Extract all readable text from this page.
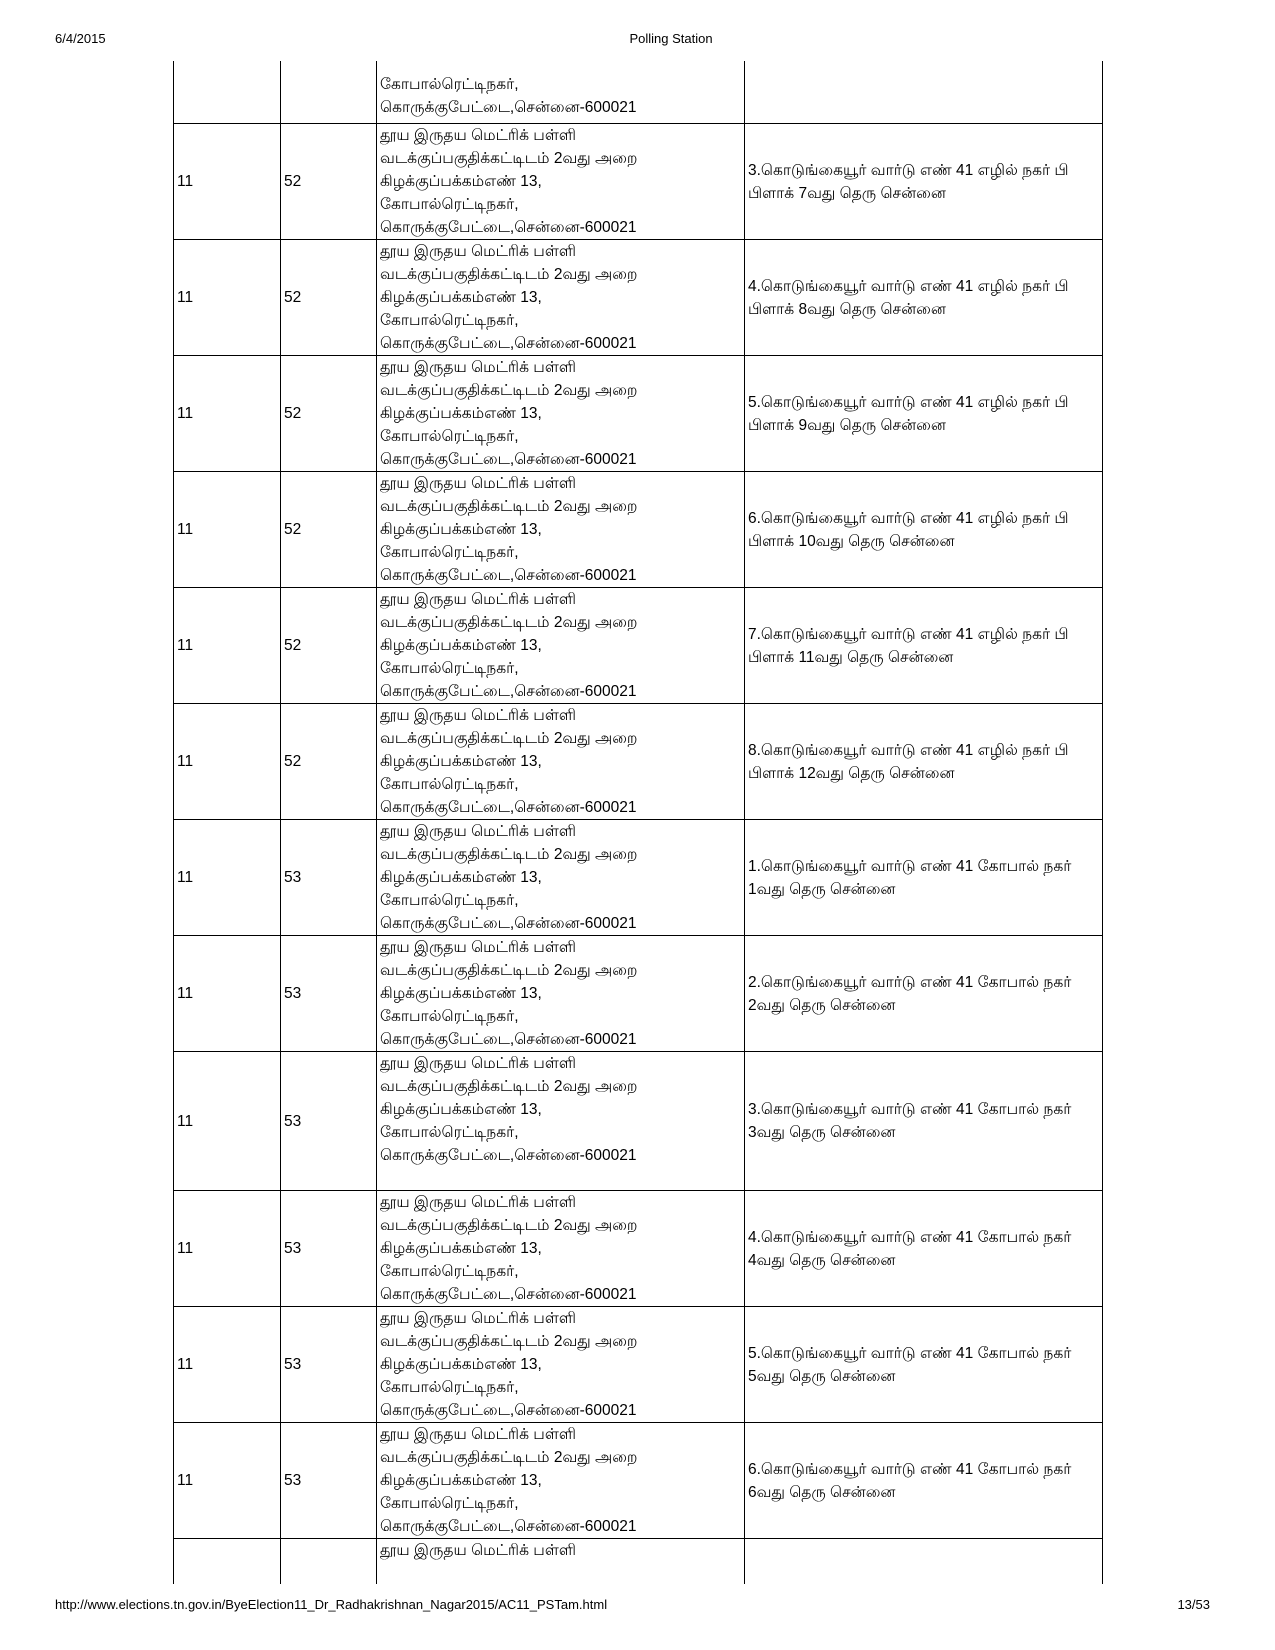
6/4/2015	Polling Station

		கோபால்ரெட்டிநகர்,
கொருக்குபேட்டை,சென்னை-600021	

11	52	தூய இருதய மெட்ரிக் பள்ளி
வடக்குப்பகுதிக்கட்டிடம் 2வது அறை
கிழக்குப்பக்கம்எண் 13,
கோபால்ரெட்டிநகர்,
கொருக்குபேட்டை,சென்னை-600021	3.கொடுங்கையூர் வார்டு எண் 41 எழில் நகர் பி பிளாக் 7வது தெரு சென்னை
11	52	தூய இருதய மெட்ரிக் பள்ளி
வடக்குப்பகுதிக்கட்டிடம் 2வது அறை
கிழக்குப்பக்கம்எண் 13,
கோபால்ரெட்டிநகர்,
கொருக்குபேட்டை,சென்னை-600021	4.கொடுங்கையூர் வார்டு எண் 41 எழில் நகர் பி பிளாக் 8வது தெரு சென்னை
11	52	தூய இருதய மெட்ரிக் பள்ளி
வடக்குப்பகுதிக்கட்டிடம் 2வது அறை
கிழக்குப்பக்கம்எண் 13,
கோபால்ரெட்டிநகர்,
கொருக்குபேட்டை,சென்னை-600021	5.கொடுங்கையூர் வார்டு எண் 41 எழில் நகர் பி பிளாக் 9வது தெரு சென்னை
11	52	தூய இருதய மெட்ரிக் பள்ளி
வடக்குப்பகுதிக்கட்டிடம் 2வது அறை
கிழக்குப்பக்கம்எண் 13,
கோபால்ரெட்டிநகர்,
கொருக்குபேட்டை,சென்னை-600021	6.கொடுங்கையூர் வார்டு எண் 41 எழில் நகர் பி பிளாக் 10வது தெரு சென்னை
11	52	தூய இருதய மெட்ரிக் பள்ளி
வடக்குப்பகுதிக்கட்டிடம் 2வது அறை
கிழக்குப்பக்கம்எண் 13,
கோபால்ரெட்டிநகர்,
கொருக்குபேட்டை,சென்னை-600021	7.கொடுங்கையூர் வார்டு எண் 41 எழில் நகர் பி பிளாக் 11வது தெரு சென்னை
11	52	தூய இருதய மெட்ரிக் பள்ளி
வடக்குப்பகுதிக்கட்டிடம் 2வது அறை
கிழக்குப்பக்கம்எண் 13,
கோபால்ரெட்டிநகர்,
கொருக்குபேட்டை,சென்னை-600021	8.கொடுங்கையூர் வார்டு எண் 41 எழில் நகர் பி பிளாக் 12வது தெரு சென்னை
11	53	தூய இருதய மெட்ரிக் பள்ளி
வடக்குப்பகுதிக்கட்டிடம் 2வது அறை
கிழக்குப்பக்கம்எண் 13,
கோபால்ரெட்டிநகர்,
கொருக்குபேட்டை,சென்னை-600021	1.கொடுங்கையூர் வார்டு எண் 41 கோபால் நகர் 1வது தெரு சென்னை
11	53	தூய இருதய மெட்ரிக் பள்ளி
வடக்குப்பகுதிக்கட்டிடம் 2வது அறை
கிழக்குப்பக்கம்எண் 13,
கோபால்ரெட்டிநகர்,
கொருக்குபேட்டை,சென்னை-600021	2.கொடுங்கையூர் வார்டு எண் 41 கோபால் நகர் 2வது தெரு சென்னை
11	53	தூய இருதய மெட்ரிக் பள்ளி
வடக்குப்பகுதிக்கட்டிடம் 2வது அறை
கிழக்குப்பக்கம்எண் 13,
கோபால்ரெட்டிநகர்,
கொருக்குபேட்டை,சென்னை-600021	3.கொடுங்கையூர் வார்டு எண் 41 கோபால் நகர் 3வது தெரு சென்னை
11	53	தூய இருதய மெட்ரிக் பள்ளி
வடக்குப்பகுதிக்கட்டிடம் 2வது அறை
கிழக்குப்பக்கம்எண் 13,
கோபால்ரெட்டிநகர்,
கொருக்குபேட்டை,சென்னை-600021	4.கொடுங்கையூர் வார்டு எண் 41 கோபால் நகர் 4வது தெரு சென்னை
11	53	தூய இருதய மெட்ரிக் பள்ளி
வடக்குப்பகுதிக்கட்டிடம் 2வது அறை
கிழக்குப்பக்கம்எண் 13,
கோபால்ரெட்டிநகர்,
கொருக்குபேட்டை,சென்னை-600021	5.கொடுங்கையூர் வார்டு எண் 41 கோபால் நகர் 5வது தெரு சென்னை
11	53	தூய இருதய மெட்ரிக் பள்ளி
வடக்குப்பகுதிக்கட்டிடம் 2வது அறை
கிழக்குப்பக்கம்எண் 13,
கோபால்ரெட்டிநகர்,
கொருக்குபேட்டை,சென்னை-600021	6.கொடுங்கையூர் வார்டு எண் 41 கோபால் நகர் 6வது தெரு சென்னை

		தூய இருதய மெட்ரிக் பள்ளி	

http://www.elections.tn.gov.in/ByeElection11_Dr_Radhakrishnan_Nagar2015/AC11_PSTam.html	13/53
